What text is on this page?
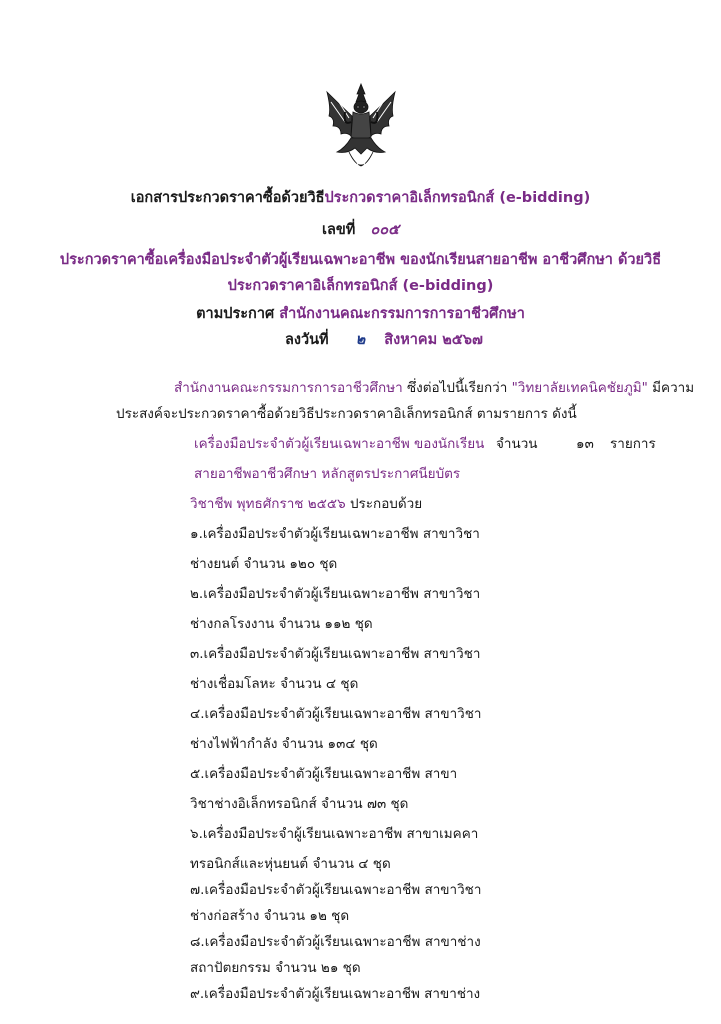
เอกสารประกวดราคาซื้อด้วยวิธีประกวดราคาอิเล็กทรอนิกส์ (e-bidding)
เลขที่ ๐๐๕
ประกวดราคาซื้อเครื่องมือประจำตัวผู้เรียนเฉพาะอาชีพ ของนักเรียนสายอาชีพ อาชีวศึกษา ด้วยวิธี
ประกวดราคาอิเล็กทรอนิกส์ (e-bidding)
ตามประกาศ สำนักงานคณะกรรมการการอาชีวศึกษา
ลงวันที่ ๒ สิงหาคม ๒๕๖๗
สำนักงานคณะกรรมการการอาชีวศึกษา ซึ่งต่อไปนี้เรียกว่า "วิทยาลัยเทคนิคชัยภูมิ" มีความ
ประสงค์จะประกวดราคาซื้อด้วยวิธีประกวดราคาอิเล็กทรอนิกส์ ตามรายการ ดังนี้
เครื่องมือประจำตัวผู้เรียนเฉพาะอาชีพ ของนักเรียน จำนวน	๑๓ รายการ
สายอาชีพอาชีวศึกษา หลักสูตรประกาศนียบัตร
วิชาชีพ พุทธศักราช ๒๕๕๖ ประกอบด้วย
๑.เครื่องมือประจำตัวผู้เรียนเฉพาะอาชีพ สาขาวิชา
ช่างยนต์ จำนวน ๑๒๐ ชุด
๒.เครื่องมือประจำตัวผู้เรียนเฉพาะอาชีพ สาขาวิชา
ช่างกลโรงงาน จำนวน ๑๑๒ ชุด
๓.เครื่องมือประจำตัวผู้เรียนเฉพาะอาชีพ สาขาวิชา
ช่างเชื่อมโลหะ จำนวน ๔ ชุด
๔.เครื่องมือประจำตัวผู้เรียนเฉพาะอาชีพ สาขาวิชา
ช่างไฟฟ้ากำลัง จำนวน ๑๓๔ ชุด
๕.เครื่องมือประจำตัวผู้เรียนเฉพาะอาชีพ สาขา
วิชาช่างอิเล็กทรอนิกส์ จำนวน ๗๓ ชุด
๖.เครื่องมือประจำผู้เรียนเฉพาะอาชีพ สาขาเมคคา
ทรอนิกส์และหุ่นยนต์ จำนวน ๔ ชุด
๗.เครื่องมือประจำตัวผู้เรียนเฉพาะอาชีพ สาขาวิชา
ช่างก่อสร้าง จำนวน ๑๒ ชุด
๘.เครื่องมือประจำตัวผู้เรียนเฉพาะอาชีพ สาขาช่าง
สถาปัตยกรรม จำนวน ๒๑ ชุด
๙.เครื่องมือประจำตัวผู้เรียนเฉพาะอาชีพ สาขาช่าง
